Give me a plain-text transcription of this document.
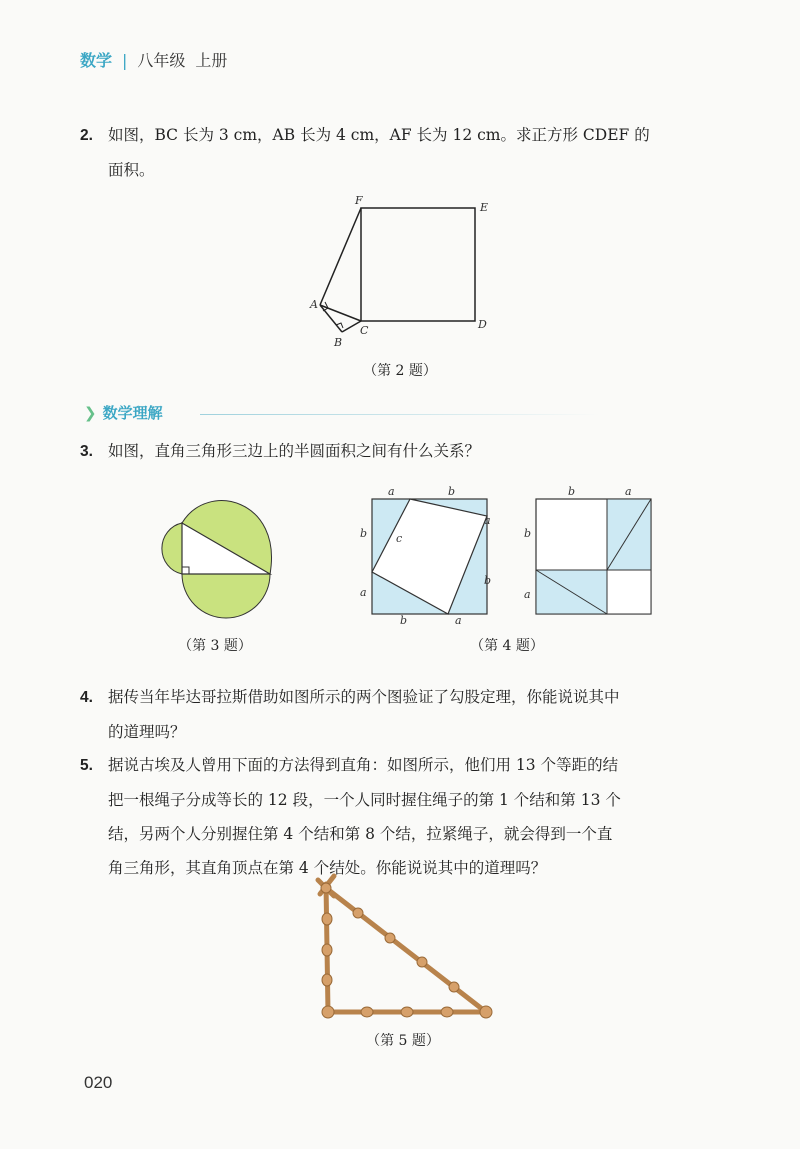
数学 | 八年级 上册
2. 如图，BC 长为 3 cm，AB 长为 4 cm，AF 长为 12 cm。求正方形 CDEF 的
面积。
F
E
A
B
C	D
（第 2 题）
❯ 数学理解
3. 如图，直角三角形三边上的半圆面积之间有什么关系？
（第 3 题）
a	b
a
b
b
a
b	a
c
b	a
b
a
（第 4 题）
4. 据传当年毕达哥拉斯借助如图所示的两个图验证了勾股定理，你能说说其中
的道理吗？
5. 据说古埃及人曾用下面的方法得到直角：如图所示，他们用 13 个等距的结
把一根绳子分成等长的 12 段，一个人同时握住绳子的第 1 个结和第 13 个
结，另两个人分别握住第 4 个结和第 8 个结，拉紧绳子，就会得到一个直
角三角形，其直角顶点在第 4 个结处。你能说说其中的道理吗？
（第 5 题）
020
